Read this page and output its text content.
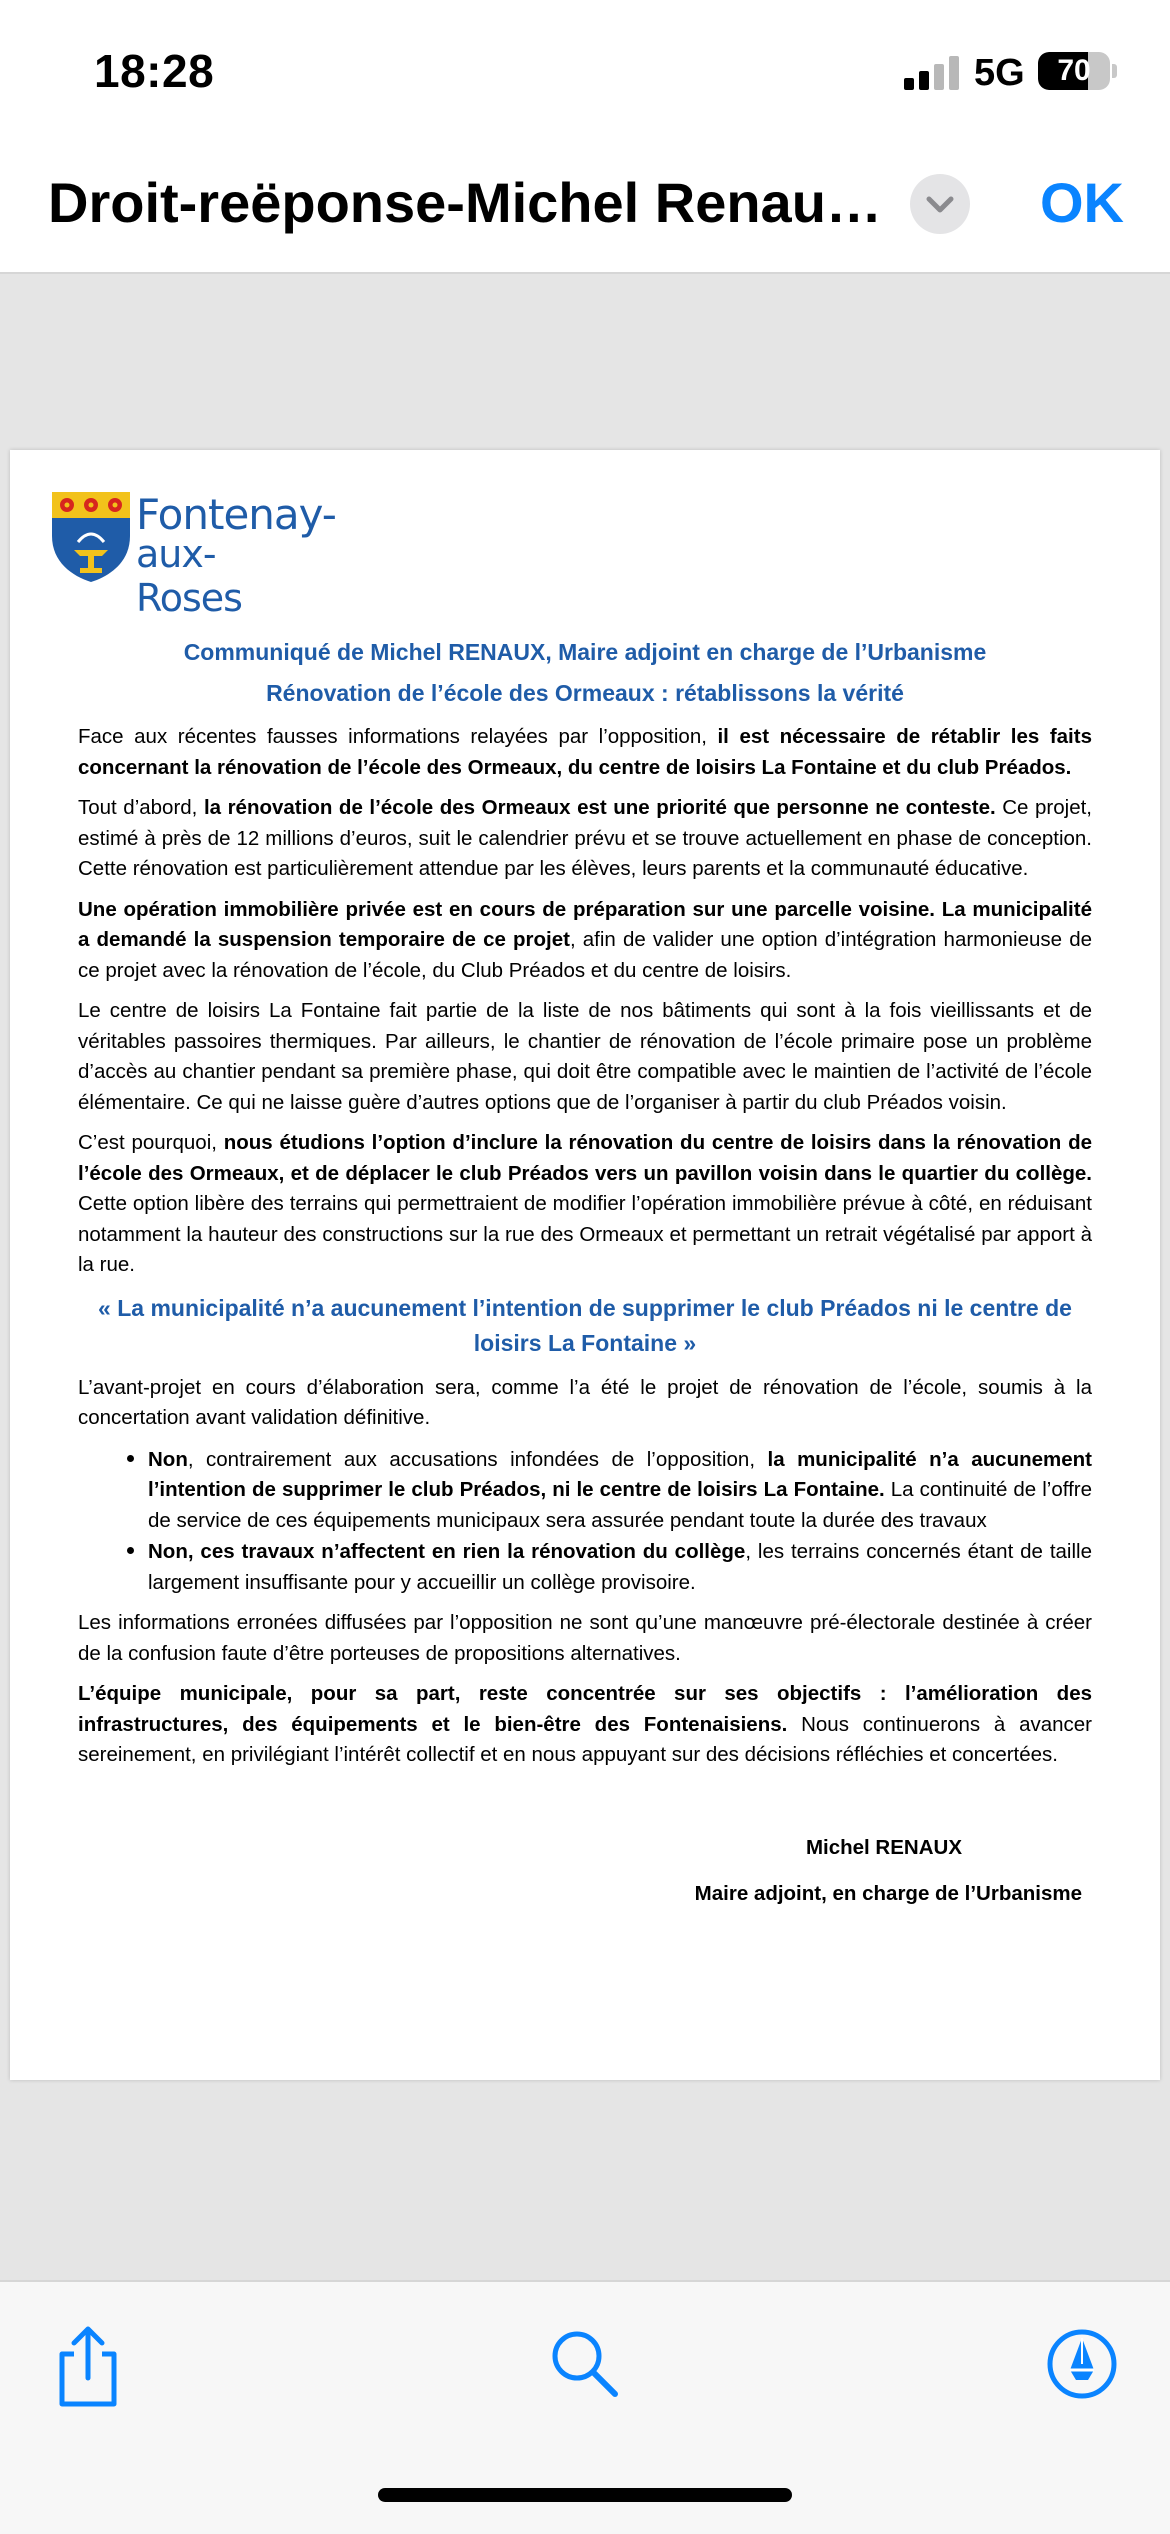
18:28	5G	70
Droit-reëponse-Michel Renau…	OK
Fontenay-
aux-Roses

Communiqué de Michel RENAUX, Maire adjoint en charge de l’Urbanisme
Rénovation de l’école des Ormeaux : rétablissons la vérité

Face aux récentes fausses informations relayées par l’opposition, il est nécessaire de rétablir les faits concernant la rénovation de l’école des Ormeaux, du centre de loisirs La Fontaine et du club Préados.

Tout d’abord, la rénovation de l’école des Ormeaux est une priorité que personne ne conteste. Ce projet, estimé à près de 12 millions d’euros, suit le calendrier prévu et se trouve actuellement en phase de conception. Cette rénovation est particulièrement attendue par les élèves, leurs parents et la communauté éducative.

Une opération immobilière privée est en cours de préparation sur une parcelle voisine. La municipalité a demandé la suspension temporaire de ce projet, afin de valider une option d’intégration harmonieuse de ce projet avec la rénovation de l’école, du Club Préados et du centre de loisirs.

Le centre de loisirs La Fontaine fait partie de la liste de nos bâtiments qui sont à la fois vieillissants et de véritables passoires thermiques. Par ailleurs, le chantier de rénovation de l’école primaire pose un problème d’accès au chantier pendant sa première phase, qui doit être compatible avec le maintien de l’activité de l’école élémentaire. Ce qui ne laisse guère d’autres options que de l’organiser à partir du club Préados voisin.

C’est pourquoi, nous étudions l’option d’inclure la rénovation du centre de loisirs dans la rénovation de l’école des Ormeaux, et de déplacer le club Préados vers un pavillon voisin dans le quartier du collège. Cette option libère des terrains qui permettraient de modifier l’opération immobilière prévue à côté, en réduisant notamment la hauteur des constructions sur la rue des Ormeaux et permettant un retrait végétalisé par apport à la rue.

« La municipalité n’a aucunement l’intention de supprimer le club Préados ni le centre de loisirs La Fontaine »

L’avant-projet en cours d’élaboration sera, comme l’a été le projet de rénovation de l’école, soumis à la concertation avant validation définitive.

• Non, contrairement aux accusations infondées de l’opposition, la municipalité n’a aucunement l’intention de supprimer le club Préados, ni le centre de loisirs La Fontaine. La continuité de l’offre de service de ces équipements municipaux sera assurée pendant toute la durée des travaux
• Non, ces travaux n’affectent en rien la rénovation du collège, les terrains concernés étant de taille largement insuffisante pour y accueillir un collège provisoire.

Les informations erronées diffusées par l’opposition ne sont qu’une manœuvre pré-électorale destinée à créer de la confusion faute d’être porteuses de propositions alternatives.

L’équipe municipale, pour sa part, reste concentrée sur ses objectifs : l’amélioration des infrastructures, des équipements et le bien-être des Fontenaisiens. Nous continuerons à avancer sereinement, en privilégiant l’intérêt collectif et en nous appuyant sur des décisions réfléchies et concertées.

Michel RENAUX

Maire adjoint, en charge de l’Urbanisme
